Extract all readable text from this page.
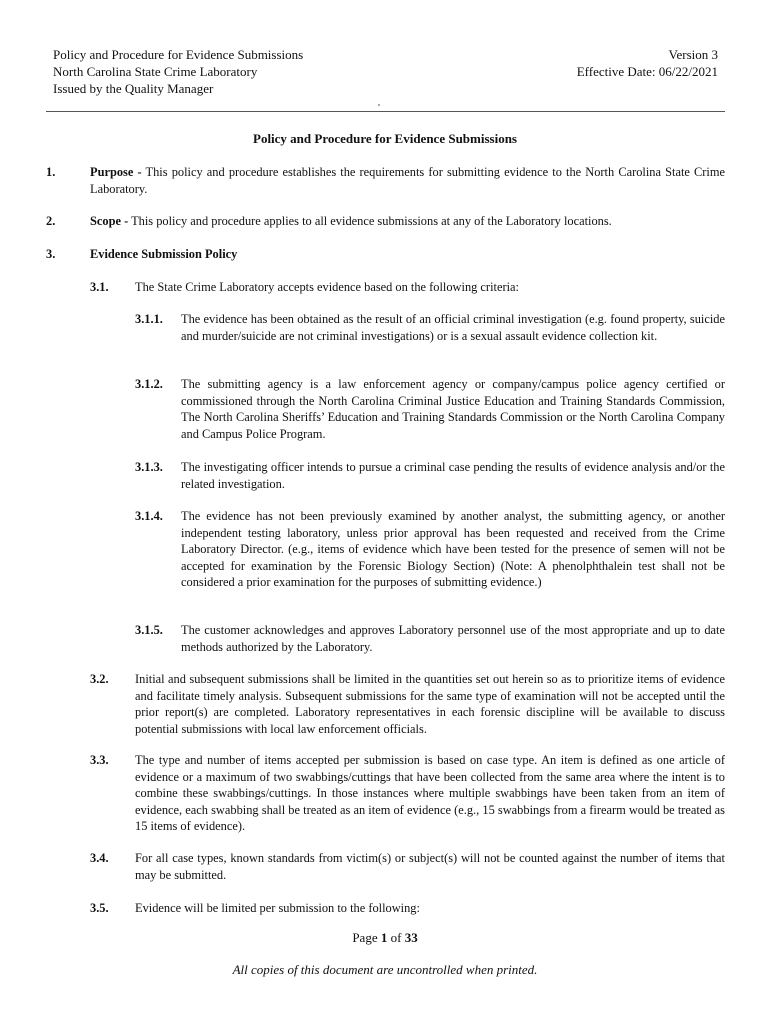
Policy and Procedure for Evidence Submissions
North Carolina State Crime Laboratory
Issued by the Quality Manager
Version 3
Effective Date: 06/22/2021
Policy and Procedure for Evidence Submissions
1.	Purpose - This policy and procedure establishes the requirements for submitting evidence to the North Carolina State Crime Laboratory.
2.	Scope - This policy and procedure applies to all evidence submissions at any of the Laboratory locations.
3.	Evidence Submission Policy
3.1. The State Crime Laboratory accepts evidence based on the following criteria:
3.1.1. The evidence has been obtained as the result of an official criminal investigation (e.g. found property, suicide and murder/suicide are not criminal investigations) or is a sexual assault evidence collection kit.
3.1.2. The submitting agency is a law enforcement agency or company/campus police agency certified or commissioned through the North Carolina Criminal Justice Education and Training Standards Commission, The North Carolina Sheriffs’ Education and Training Standards Commission or the North Carolina Company and Campus Police Program.
3.1.3. The investigating officer intends to pursue a criminal case pending the results of evidence analysis and/or the related investigation.
3.1.4. The evidence has not been previously examined by another analyst, the submitting agency, or another independent testing laboratory, unless prior approval has been requested and received from the Crime Laboratory Director. (e.g., items of evidence which have been tested for the presence of semen will not be accepted for examination by the Forensic Biology Section) (Note: A phenolphthalein test shall not be considered a prior examination for the purposes of submitting evidence.)
3.1.5. The customer acknowledges and approves Laboratory personnel use of the most appropriate and up to date methods authorized by the Laboratory.
3.2. Initial and subsequent submissions shall be limited in the quantities set out herein so as to prioritize items of evidence and facilitate timely analysis. Subsequent submissions for the same type of examination will not be accepted until the prior report(s) are completed. Laboratory representatives in each forensic discipline will be available to discuss potential submissions with local law enforcement officials.
3.3. The type and number of items accepted per submission is based on case type. An item is defined as one article of evidence or a maximum of two swabbings/cuttings that have been collected from the same area where the intent is to combine these swabbings/cuttings. In those instances where multiple swabbings have been taken from an item of evidence, each swabbing shall be treated as an item of evidence (e.g., 15 swabbings from a firearm would be treated as 15 items of evidence).
3.4. For all case types, known standards from victim(s) or subject(s) will not be counted against the number of items that may be submitted.
3.5. Evidence will be limited per submission to the following:
Page 1 of 33
All copies of this document are uncontrolled when printed.
